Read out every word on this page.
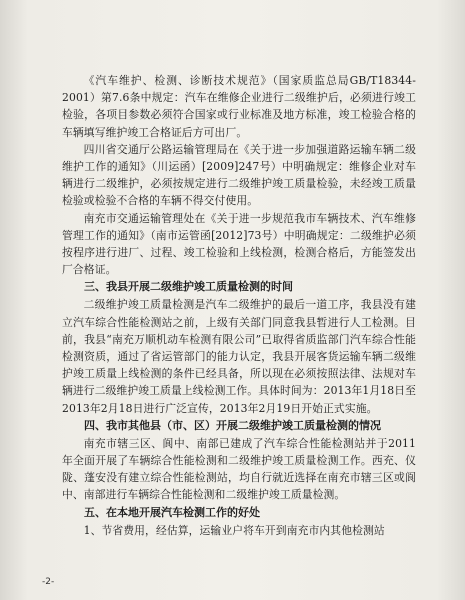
《汽车维护、检测、诊断技术规范》（国家质监总局GB/T18344-2001）第7.6条中规定：汽车在维修企业进行二级维护后，必须进行竣工检验，各项目参数必须符合国家或行业标准及地方标准，竣工检验合格的车辆填写维护竣工合格证后方可出厂。

四川省交通厅公路运输管理局在《关于进一步加强道路运输车辆二级维护工作的通知》（川运函）[2009]247号）中明确规定：维修企业对车辆进行二级维护，必须按规定进行二级维护竣工质量检验，未经竣工质量检验或检验不合格的车辆不得交付使用。

南充市交通运输管理处在《关于进一步规范我市车辆技术、汽车维修管理工作的通知》（南市运管函[2012]73号）中明确规定：二级维护必须按程序进行进厂、过程、竣工检验和上线检测，检测合格后，方能签发出厂合格证。

三、我县开展二级维护竣工质量检测的时间

二级维护竣工质量检测是汽车二级维护的最后一道工序，我县没有建立汽车综合性能检测站之前，上级有关部门同意我县暂进行人工检测。目前，我县“南充万顺机动车检测有限公司”已取得省质监部门汽车综合性能检测资质，通过了省运管部门的能力认定，我县开展客货运输车辆二级维护竣工质量上线检测的条件已经具备，所以现在必须按照法律、法规对车辆进行二级维护竣工质量上线检测工作。具体时间为：2013年1月18日至2013年2月18日进行广泛宣传，2013年2月19日开始正式实施。

四、我市其他县（市、区）开展二级维护竣工质量检测的情况

南充市辖三区、阆中、南部已建成了汽车综合性能检测站并于2011年全面开展了车辆综合性能检测和二级维护竣工质量检测工作。西充、仪陇、蓬安没有建立综合性能检测站，均自行就近选择在南充市辖三区或阆中、南部进行车辆综合性能检测和二级维护竣工质量检测。

五、在本地开展汽车检测工作的好处

1、节省费用，经估算，运输业户将车开到南充市内其他检测站

-2-
